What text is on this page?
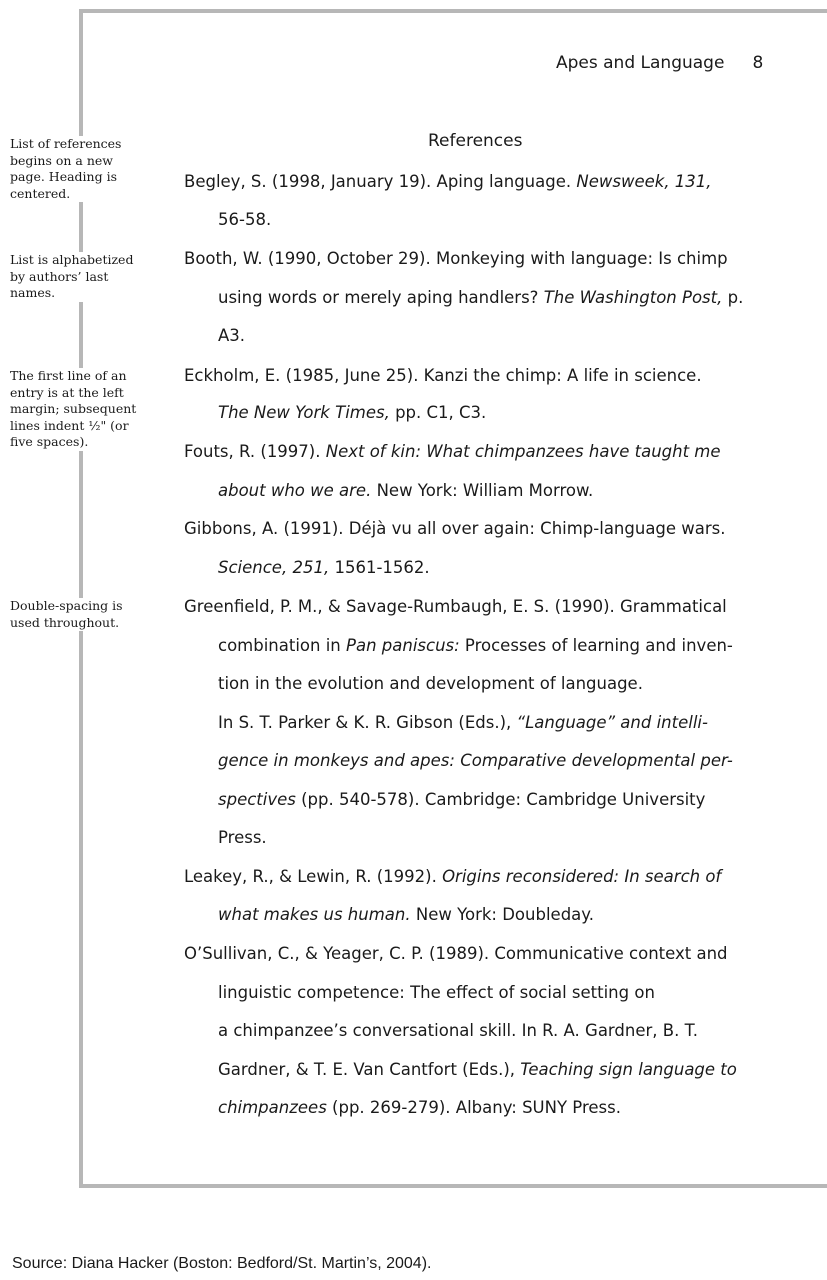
Apes and Language 8
References
List of references begins on a new page. Heading is centered.
List is alphabetized by authors’ last names.
The first line of an entry is at the left margin; subsequent lines indent ½" (or five spaces).
Double-spacing is used throughout.
Begley, S. (1998, January 19). Aping language. Newsweek, 131,
56-58.
Booth, W. (1990, October 29). Monkeying with language: Is chimp
using words or merely aping handlers? The Washington Post, p.
A3.
Eckholm, E. (1985, June 25). Kanzi the chimp: A life in science.
The New York Times, pp. C1, C3.
Fouts, R. (1997). Next of kin: What chimpanzees have taught me
about who we are. New York: William Morrow.
Gibbons, A. (1991). Déjà vu all over again: Chimp-language wars.
Science, 251, 1561-1562.
Greenfield, P. M., & Savage-Rumbaugh, E. S. (1990). Grammatical
combination in Pan paniscus: Processes of learning and inven-
tion in the evolution and development of language.
In S. T. Parker & K. R. Gibson (Eds.), “Language” and intelli-
gence in monkeys and apes: Comparative developmental per-
spectives (pp. 540-578). Cambridge: Cambridge University
Press.
Leakey, R., & Lewin, R. (1992). Origins reconsidered: In search of
what makes us human. New York: Doubleday.
O’Sullivan, C., & Yeager, C. P. (1989). Communicative context and
linguistic competence: The effect of social setting on
a chimpanzee’s conversational skill. In R. A. Gardner, B. T.
Gardner, & T. E. Van Cantfort (Eds.), Teaching sign language to
chimpanzees (pp. 269-279). Albany: SUNY Press.
Source: Diana Hacker (Boston: Bedford/St. Martin’s, 2004).
